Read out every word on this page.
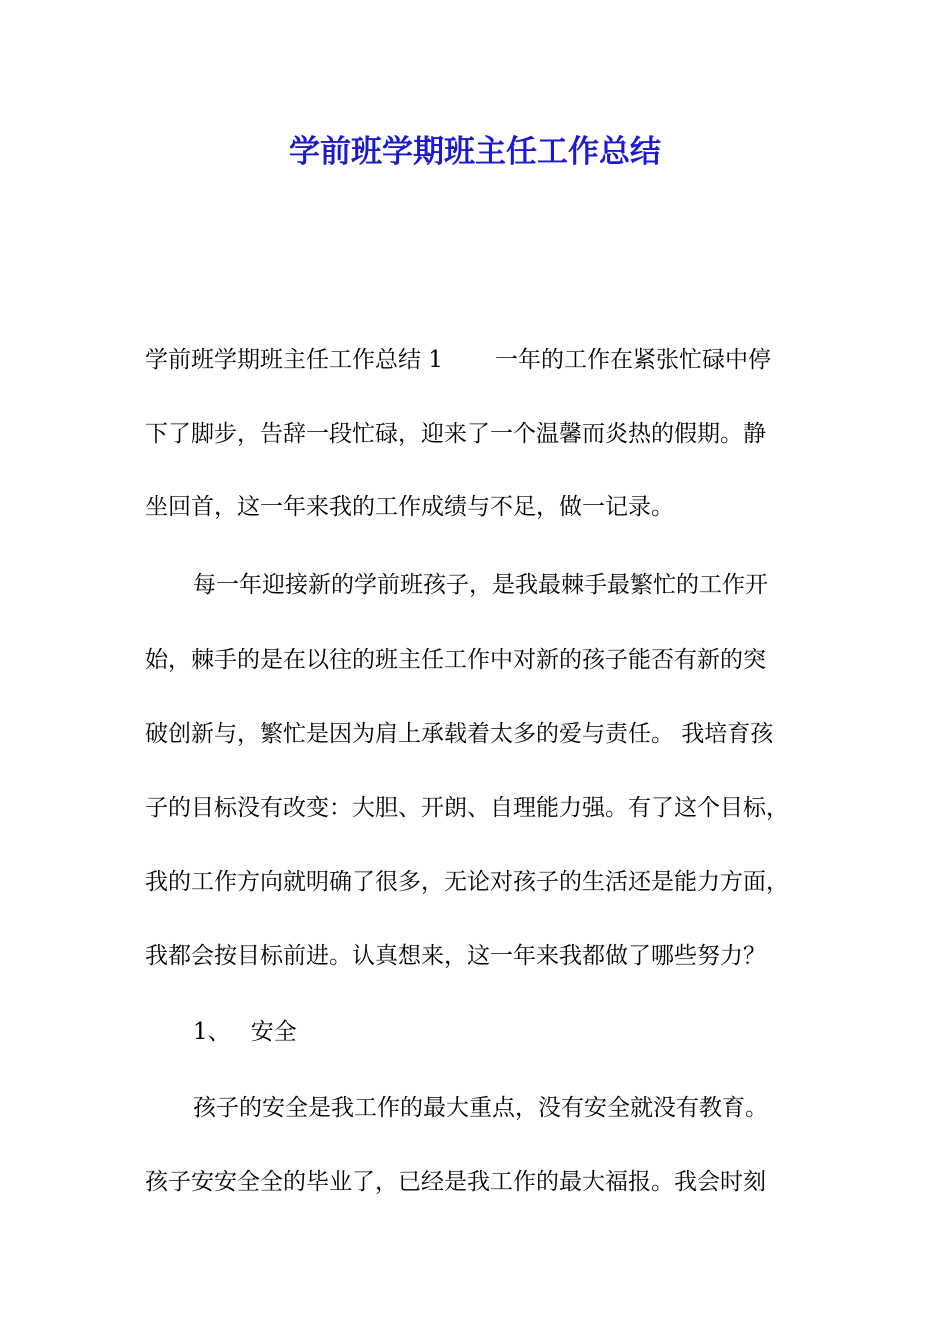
学前班学期班主任工作总结

学前班学期班主任工作总结 1 一年的工作在紧张忙碌中停

下了脚步，告辞一段忙碌，迎来了一个温馨而炎热的假期。静

坐回首，这一年来我的工作成绩与不足，做一记录。

每一年迎接新的学前班孩子，是我最棘手最繁忙的工作开

始，棘手的是在以往的班主任工作中对新的孩子能否有新的突

破创新与，繁忙是因为肩上承载着太多的爱与责任。 我培育孩

子的目标没有改变：大胆、开朗、自理能力强。有了这个目标，

我的工作方向就明确了很多，无论对孩子的生活还是能力方面，

我都会按目标前进。认真想来，这一年来我都做了哪些努力？

1、 安全

孩子的安全是我工作的最大重点，没有安全就没有教育。

孩子安安全全的毕业了，已经是我工作的最大福报。我会时刻
